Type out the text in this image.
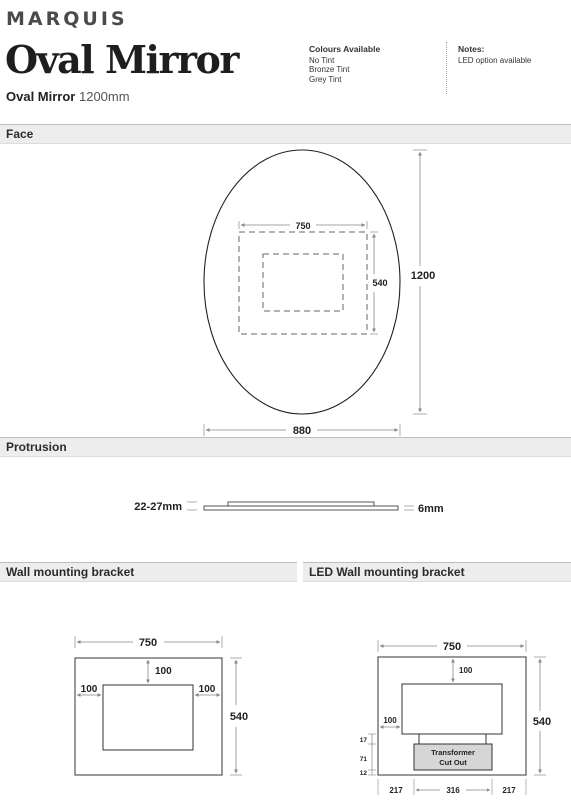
MARQUIS
Oval Mirror
Oval Mirror 1200mm
Colours Available
No Tint
Bronze Tint
Grey Tint
Notes:
LED option available
Face
Protrusion
Wall mounting bracket	LED Wall mounting bracket
750
540
1200
880
22-27mm	6mm
750
100
100	100
540
Transformer
Cut Out
750
100
100	540
17
71
12
217	316	217
